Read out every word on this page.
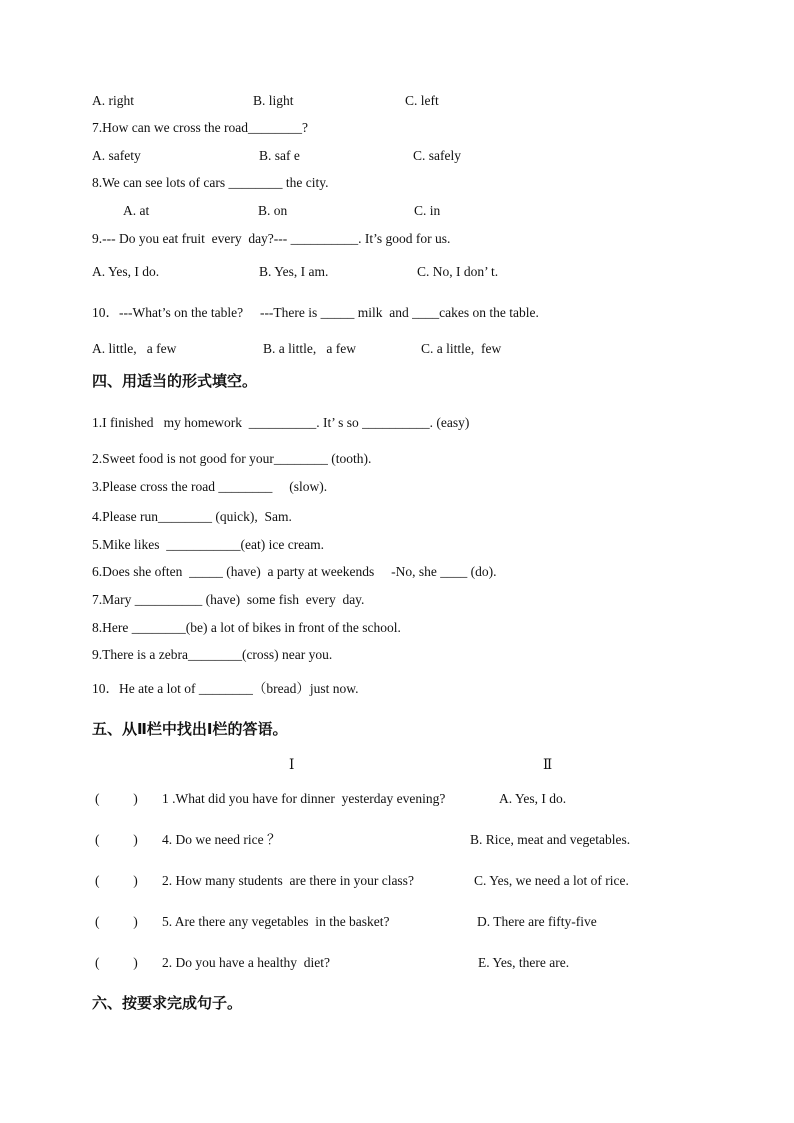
A. right	B. light	C. left
7.How can we cross the road________?
A. safety	B. saf e	C. safely
8.We can see lots of cars ________ the city.
A. at	B. on	C. in
9.--- Do you eat fruit  every  day?--- __________. It’s good for us.
A. Yes, I do.	B. Yes, I am.	C. No, I don’ t.
10．---What’s on the table?     ---There is _____ milk  and ____cakes on the table.
A. little,   a few	B. a little,   a few	C. a little,  few
四、用适当的形式填空。
1.I finished   my homework  __________. It’ s so __________. (easy)
2.Sweet food is not good for your________ (tooth).
3.Please cross the road ________     (slow).
4.Please run________ (quick),  Sam.
5.Mike likes  ___________(eat) ice cream.
6.Does she often  _____ (have)  a party at weekends     -No, she ____ (do).
7.Mary __________ (have)  some fish  every  day.
8.Here ________(be) a lot of bikes in front of the school.
9.There is a zebra________(cross) near you.
10．He ate a lot of ________（bread）just now.
五、从Ⅱ栏中找出Ⅰ栏的答语。
Ⅰ	Ⅱ
(          ) 1 .What did you have for dinner  yesterday evening?	A. Yes, I do.
(          ) 4. Do we need rice ？	B. Rice, meat and vegetables.
(          ) 2. How many students  are there in your class?	C. Yes, we need a lot of rice.
(          ) 5. Are there any vegetables  in the basket?	D. There are fifty-five
(          ) 2. Do you have a healthy  diet?	E. Yes, there are.
六、按要求完成句子。
